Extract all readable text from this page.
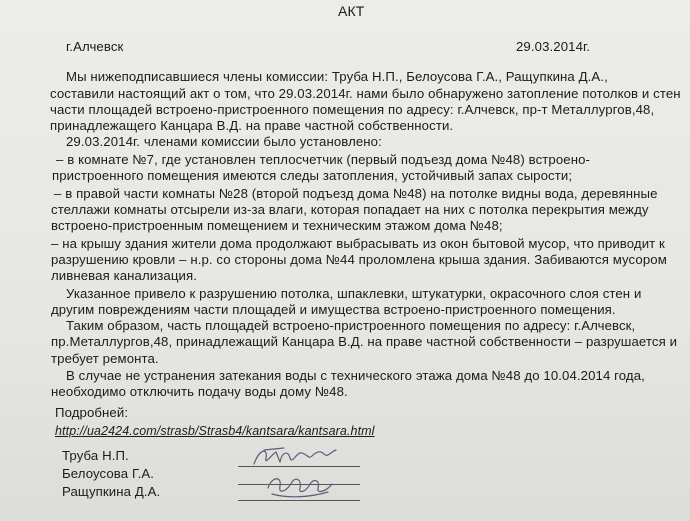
АКТ
г.Алчевск	29.03.2014г.
Мы нижеподписавшиеся члены комиссии: Труба Н.П., Белоусова Г.А., Ращупкина Д.А.,
составили настоящий акт о том, что 29.03.2014г. нами было обнаружено затопление потолков и стен
части площадей встроено-пристроенного помещения по адресу: г.Алчевск, пр-т Металлургов,48,
принадлежащего Канцара В.Д. на праве частной собственности.
29.03.2014г. членами комиссии было установлено:
– в комнате №7, где установлен теплосчетчик (первый подъезд дома №48) встроено-
пристроенного помещения имеются следы затопления, устойчивый запах сырости;
– в правой части комнаты №28 (второй подъезд дома №48) на потолке видны вода, деревянные
стеллажи комнаты отсырели из-за влаги, которая попадает на них с потолка перекрытия между
встроено-пристроенным помещением и техническим этажом дома №48;
– на крышу здания жители дома продолжают выбрасывать из окон бытовой мусор, что приводит к
разрушению кровли – н.р. со стороны дома №44 проломлена крыша здания. Забиваются мусором
ливневая канализация.
Указанное привело к разрушению потолка, шпаклевки, штукатурки, окрасочного слоя стен и
другим повреждениям части площадей и имущества встроено-пристроенного помещения.
Таким образом, часть площадей встроено-пристроенного помещения по адресу: г.Алчевск,
пр.Металлургов,48, принадлежащий Канцара В.Д. на праве частной собственности – разрушается и
требует ремонта.
В случае не устранения затекания воды с технического этажа дома №48 до 10.04.2014 года,
необходимо отключить подачу воды дому №48.
Подробней:
http://ua2424.com/strasb/Strasb4/kantsara/kantsara.html
Труба Н.П.
Белоусова Г.А.
Ращупкина Д.А.
